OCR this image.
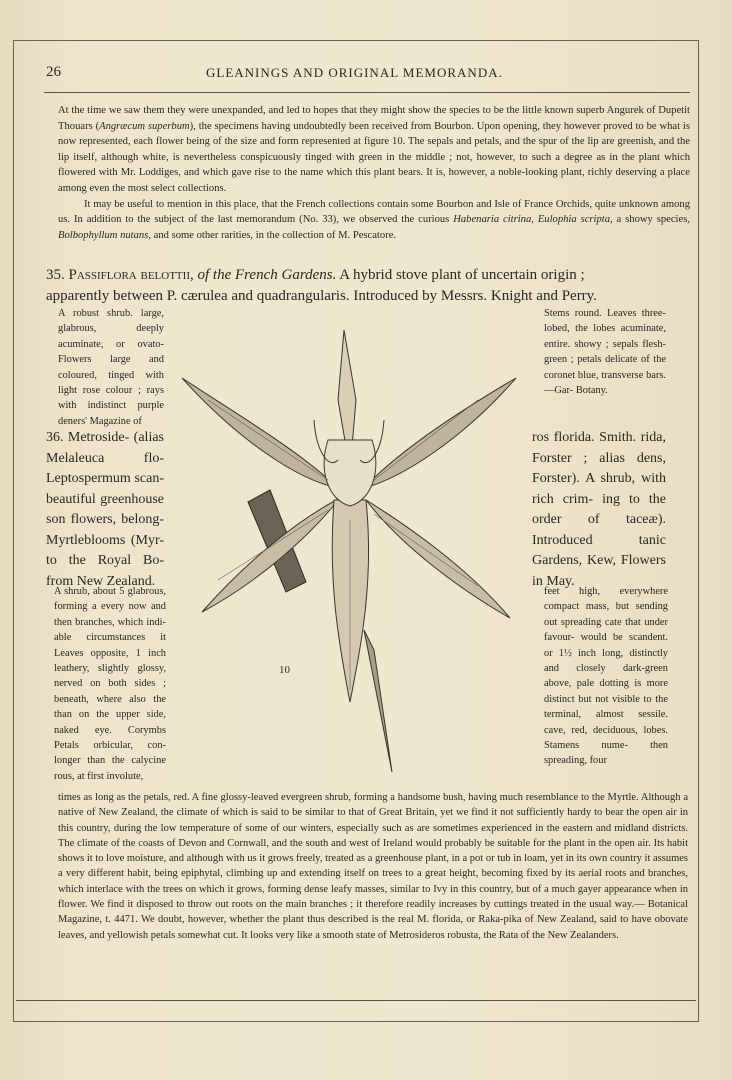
26	GLEANINGS AND ORIGINAL MEMORANDA.

At the time we saw them they were unexpanded, and led to hopes that they might show the species to be the little known superb Angurek of Dupetit Thouars (Angræcum superbum), the specimens having undoubtedly been received from Bourbon. Upon opening, they however proved to be what is now represented, each flower being of the size and form represented at figure 10. The sepals and petals, and the spur of the lip are greenish, and the lip itself, although white, is nevertheless conspicuously tinged with green in the middle ; not, however, to such a degree as in the plant which flowered with Mr. Loddiges, and which gave rise to the name which this plant bears. It is, however, a noble-looking plant, richly deserving a place among even the most select collections.

It may be useful to mention in this place, that the French collections contain some Bourbon and Isle of France Orchids, quite unknown among us. In addition to the subject of the last memorandum (No. 33), we observed the curious Habenaria citrina, Eulophia scripta, a showy species, Bolbophyllum nutans, and some other rarities, in the collection of M. Pescatore.

35. Passiflora belottii, of the French Gardens. A hybrid stove plant of uncertain origin ; apparently between P. cærulea and quadrangularis. Introduced by Messrs. Knight and Perry.
A robust shrub. large, glabrous, deeply acuminate, or ovato- Flowers large and coloured, tinged with light rose colour ; rays with indistinct purple deners' Magazine of
Stems round. Leaves three-lobed, the lobes acuminate, entire. showy ; sepals flesh- green ; petals delicate of the coronet blue, transverse bars.—Gar- Botany.
36. Metroside- (alias Melaleuca flo- Leptospermum scan- beautiful greenhouse son flowers, belong- Myrtleblooms (Myr- to the Royal Bo- from New Zealand.
ros florida. Smith. rida, Forster ; alias dens, Forster). A shrub, with rich crim- ing to the order of taceæ). Introduced tanic Gardens, Kew, Flowers in May.
A shrub, about 5 glabrous, forming a every now and then branches, which indi- able circumstances it Leaves opposite, 1 inch leathery, slightly glossy, nerved on both sides ; beneath, where also the than on the upper side, naked eye. Corymbs Petals orbicular, con- longer than the calycine rous, at first involute,
feet high, everywhere compact mass, but sending out spreading cate that under favour- would be scandent. or 1½ inch long, distinctly and closely dark-green above, pale dotting is more distinct but not visible to the terminal, almost sessile. cave, red, deciduous, lobes. Stamens nume- then spreading, four
10
times as long as the petals, red. A fine glossy-leaved evergreen shrub, forming a handsome bush, having much resemblance to the Myrtle. Although a native of New Zealand, the climate of which is said to be similar to that of Great Britain, yet we find it not sufficiently hardy to bear the open air in this country, during the low temperature of some of our winters, especially such as are sometimes experienced in the eastern and midland districts. The climate of the coasts of Devon and Cornwall, and the south and west of Ireland would probably be suitable for the plant in the open air. Its habit shows it to love moisture, and although with us it grows freely, treated as a greenhouse plant, in a pot or tub in loam, yet in its own country it assumes a very different habit, being epiphytal, climbing up and extending itself on trees to a great height, becoming fixed by its aerial roots and branches, which interlace with the trees on which it grows, forming dense leafy masses, similar to Ivy in this country, but of a much gayer appearance when in flower. We find it disposed to throw out roots on the main branches ; it therefore readily increases by cuttings treated in the usual way.— Botanical Magazine, t. 4471. We doubt, however, whether the plant thus described is the real M. florida, or Raka-pika of New Zealand, said to have obovate leaves, and yellowish petals somewhat cut. It looks very like a smooth state of Metrosideros robusta, the Rata of the New Zealanders.
